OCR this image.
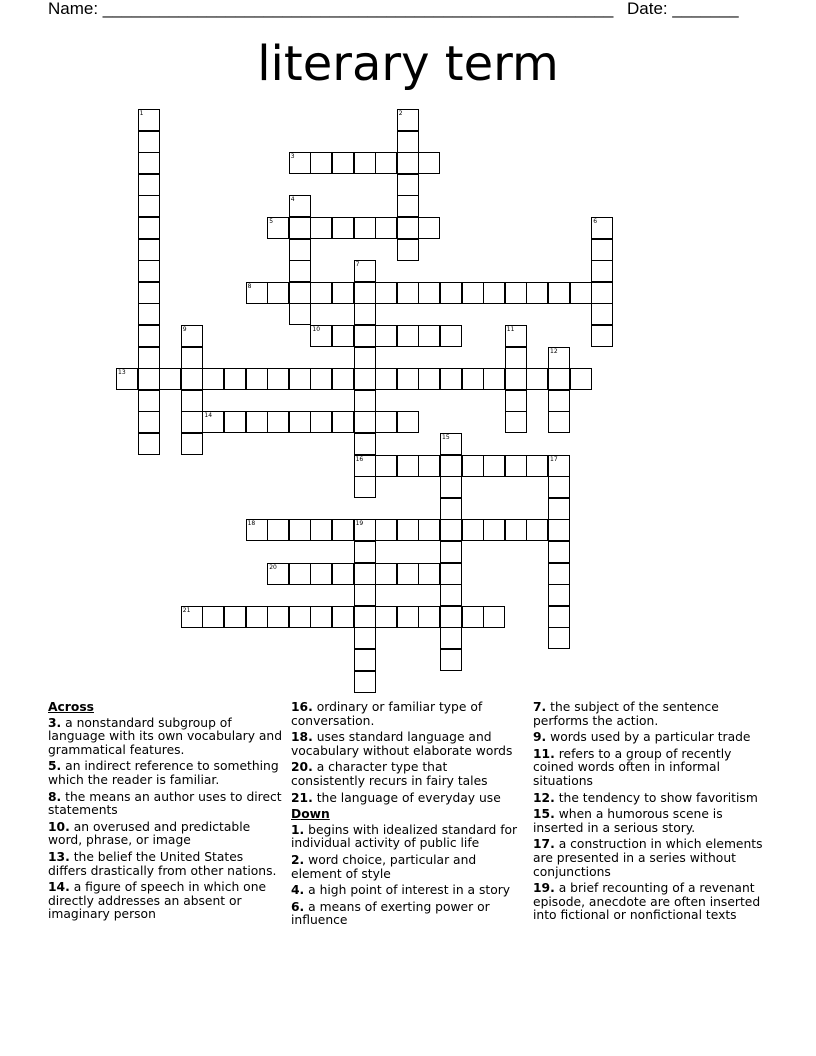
Name: ______________________________________________________ Date: _______
literary term
1	2
3
4
5	6
7
16
8
9	10	11
12
13
14
15
17
18	19
20
21
Across
3. a nonstandard subgroup of language with its own vocabulary and grammatical features.
5. an indirect reference to something which the reader is familiar.
8. the means an author uses to direct statements
10. an overused and predictable word, phrase, or image
13. the belief the United States differs drastically from other nations.
14. a figure of speech in which one directly addresses an absent or imaginary person
16. ordinary or familiar type of conversation.
18. uses standard language and vocabulary without elaborate words
20. a character type that consistently recurs in fairy tales
21. the language of everyday use
Down
1. begins with idealized standard for individual activity of public life
2. word choice, particular and element of style
4. a high point of interest in a story
6. a means of exerting power or influence
7. the subject of the sentence performs the action.
9. words used by a particular trade
11. refers to a group of recently coined words often in informal situations
12. the tendency to show favoritism
15. when a humorous scene is inserted in a serious story.
17. a construction in which elements are presented in a series without conjunctions
19. a brief recounting of a revenant episode, anecdote are often inserted into fictional or nonfictional texts
